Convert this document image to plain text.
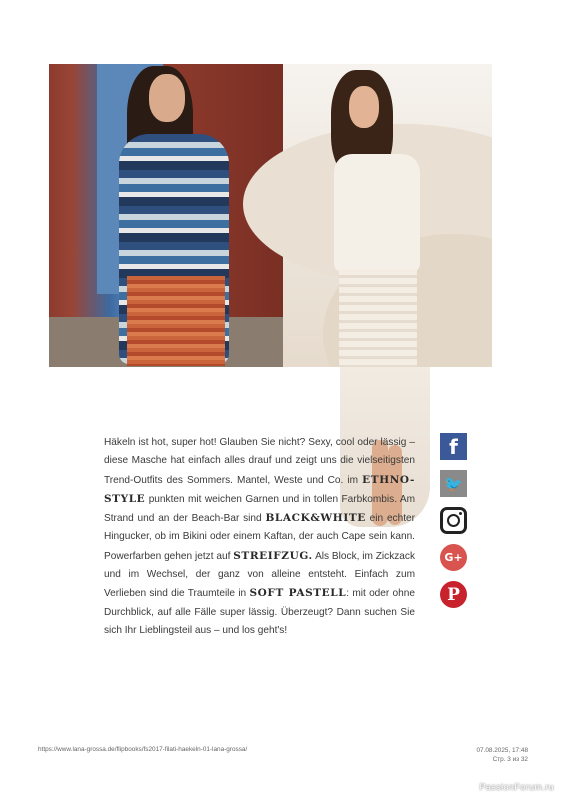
Häkeln ist hot, super hot! Glauben Sie nicht? Sexy, cool oder lässig – diese Masche hat einfach alles drauf und zeigt uns die vielseitigsten Trend-Outfits des Sommers. Mantel, Weste und Co. im ETHNO-STYLE punkten mit weichen Garnen und in tollen Farbkombis. Am Strand und an der Beach-Bar sind BLACK&WHITE ein echter Hingucker, ob im Bikini oder einem Kaftan, der auch Cape sein kann. Powerfarben gehen jetzt auf STREIFZUG. Als Block, im Zickzack und im Wechsel, der ganz von alleine entsteht. Einfach zum Verlieben sind die Traumteile in SOFT PASTELL: mit oder ohne Durchblick, auf alle Fälle super lässig. Überzeugt? Dann suchen Sie sich Ihr Lieblingsteil aus – und los geht's!

f
🐦
G+
P
https://www.lana-grossa.de/flipbooks/fs2017-filati-haekeln-01-lana-grossa/	07.08.2025, 17:48
Стр. 3 из 32
PassionForum.ru
